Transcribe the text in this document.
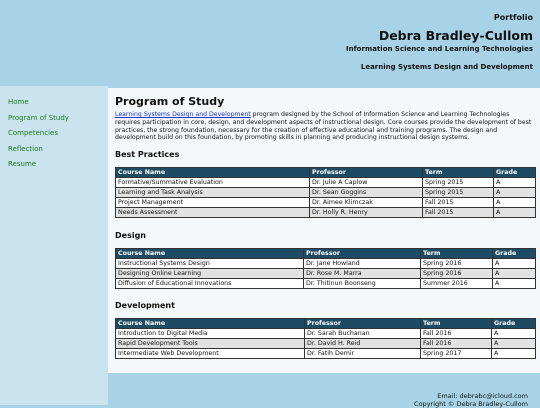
Portfolio
Debra Bradley-Cullom
Information Science and Learning Technologies
Learning Systems Design and Development
Home
Program of Study
Competencies
Reflection
Resume
Program of Study

Learning Systems Design and Development program designed by the School of Information Science and Learning Technologies requires participation in core, design, and development aspects of instructional design. Core courses provide the development of best practices, the strong foundation, necessary for the creation of effective educational and training programs. The design and development build on this foundation, by promoting skills in planning and producing instructional design systems.

Best Practices
Course Name	Professor	Term	Grade
Formative/Summative Evaluation	Dr. Julie A Caplow	Spring 2015	A
Learning and Task Analysis	Dr. Sean Goggins	Spring 2015	A
Project Management	Dr. Aimee Klimczak	Fall 2015	A
Needs Assessment	Dr. Holly R. Henry	Fall 2015	A
Design
Course Name	Professor	Term	Grade
Instructional Systems Design	Dr. Jane Howland	Spring 2016	A
Designing Online Learning	Dr. Rose M. Marra	Spring 2016	A
Diffusion of Educational Innovations	Dr. Thitinun Boonseng	Summer 2016	A
Development
Course Name	Professor	Term	Grade
Introduction to Digital Media	Dr. Sarah Buchanan	Fall 2016	A
Rapid Development Tools	Dr. David H. Reid	Fall 2016	A
Intermediate Web Development	Dr. Fatih Demir	Spring 2017	A
Email: debrabc@icloud.com
Copyright © Debra Bradley-Cullom
